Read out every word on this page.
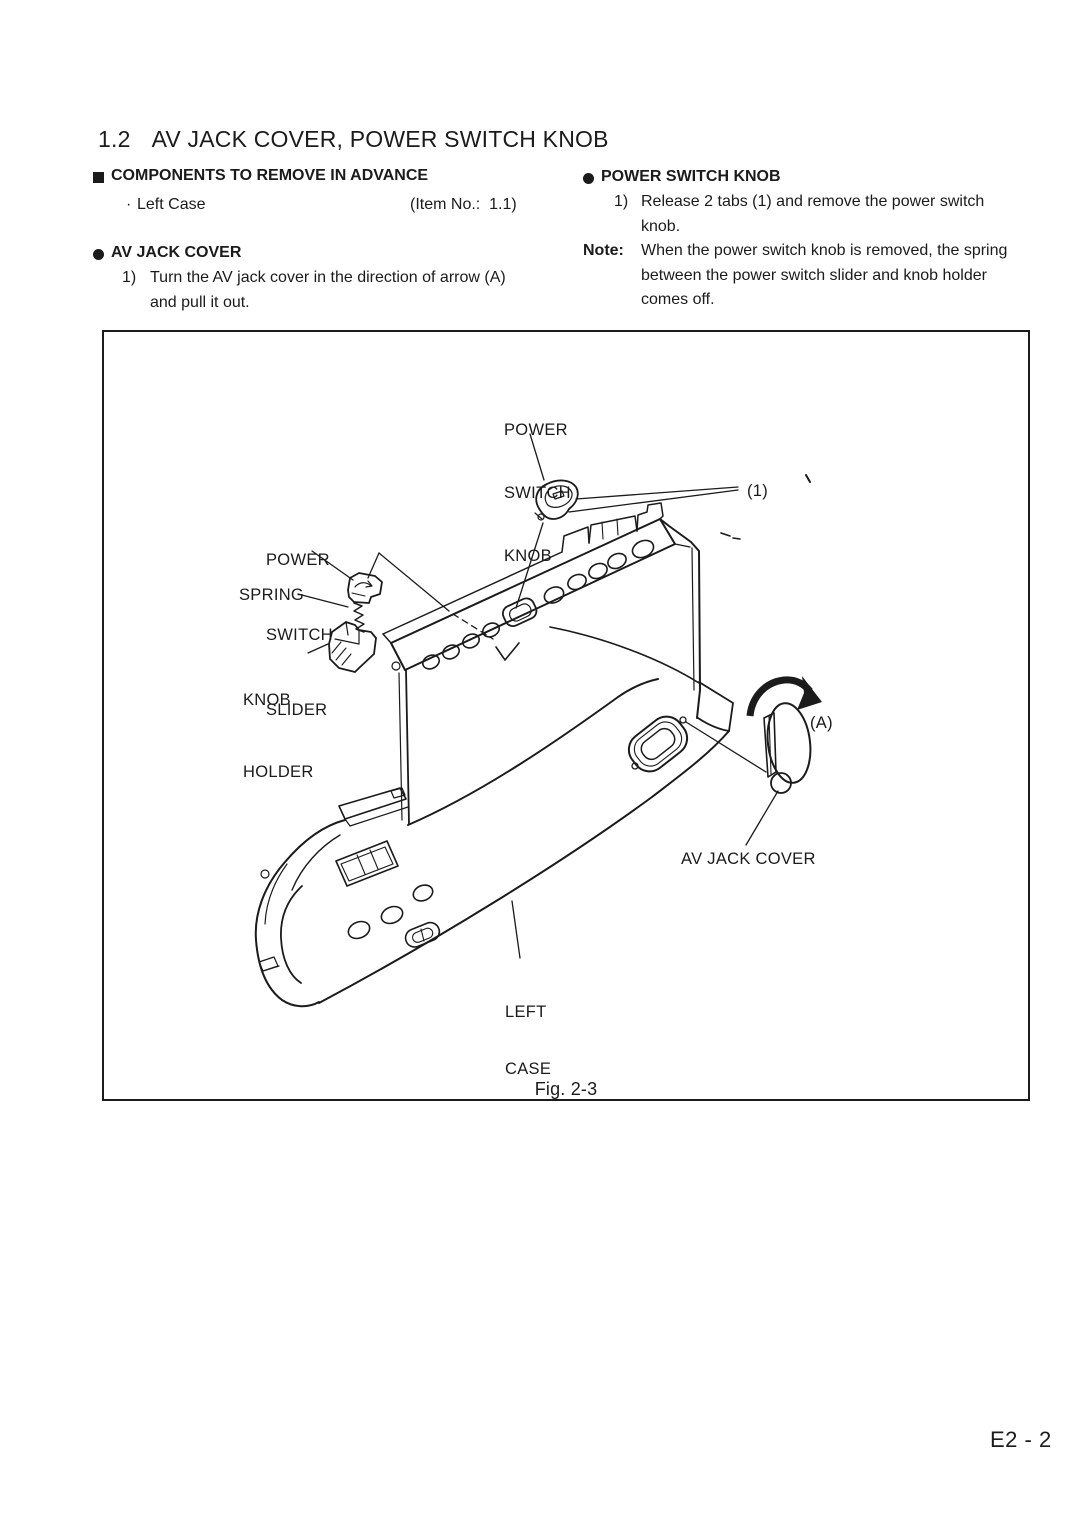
1.2 AV JACK COVER, POWER SWITCH KNOB
COMPONENTS TO REMOVE IN ADVANCE
· Left Case	(Item No.:  1.1)
AV JACK COVER
1) Turn the AV jack cover in the direction of arrow (A)
and pull it out.
POWER SWITCH KNOB
1) Release 2 tabs (1) and remove the power switch
knob.
Note: When the power switch knob is removed, the spring
between the power switch slider and knob holder
comes off.

POWER

SWITCH

KNOB

(1)

POWER

SWITCH

SLIDER

SPRING

KNOB

HOLDER

AV JACK COVER
(A)

LEFT

CASE

Fig. 2-3
E2 - 2
